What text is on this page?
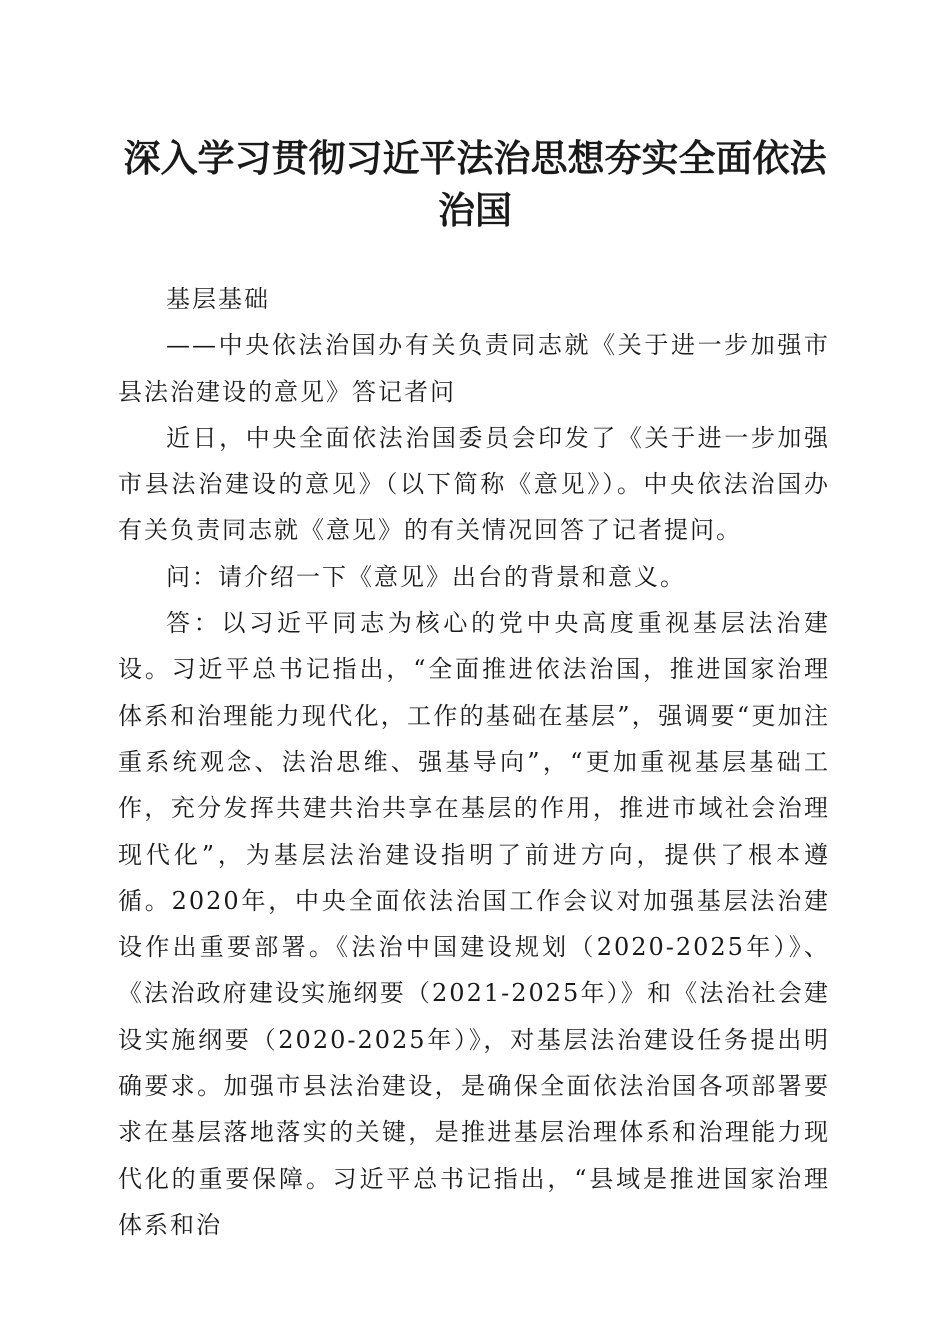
深入学习贯彻习近平法治思想夯实全面依法治国

基层基础

——中央依法治国办有关负责同志就《关于进一步加强市县法治建设的意见》答记者问

近日，中央全面依法治国委员会印发了《关于进一步加强市县法治建设的意见》（以下简称《意见》）。中央依法治国办有关负责同志就《意见》的有关情况回答了记者提问。

问：请介绍一下《意见》出台的背景和意义。

答：以习近平同志为核心的党中央高度重视基层法治建设。习近平总书记指出，“全面推进依法治国，推进国家治理体系和治理能力现代化，工作的基础在基层”，强调要“更加注重系统观念、法治思维、强基导向”，“更加重视基层基础工作，充分发挥共建共治共享在基层的作用，推进市域社会治理现代化”，为基层法治建设指明了前进方向，提供了根本遵循。2020年，中央全面依法治国工作会议对加强基层法治建设作出重要部署。《法治中国建设规划（2020-2025年）》、《法治政府建设实施纲要（2021-2025年）》和《法治社会建设实施纲要（2020-2025年）》，对基层法治建设任务提出明确要求。加强市县法治建设，是确保全面依法治国各项部署要求在基层落地落实的关键，是推进基层治理体系和治理能力现代化的重要保障。习近平总书记指出，“县域是推进国家治理体系和治
